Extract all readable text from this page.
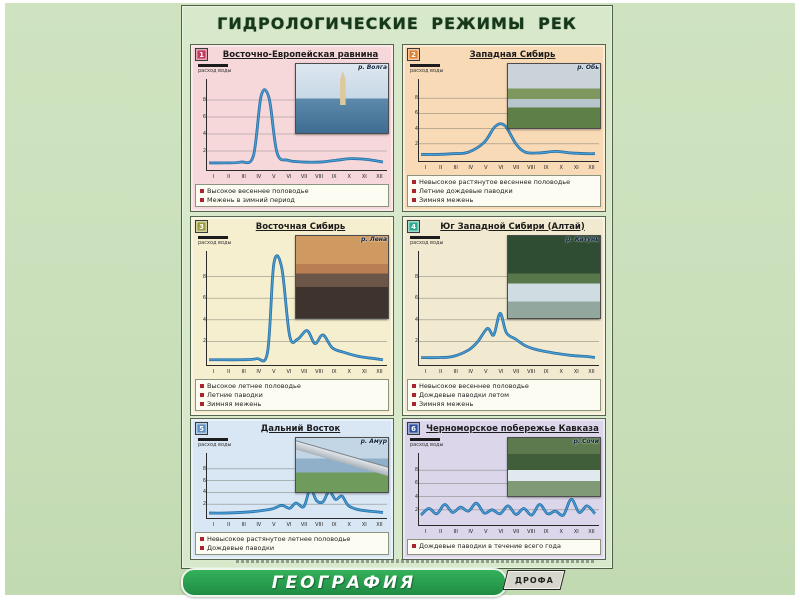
ГИДРОЛОГИЧЕСКИЕ РЕЖИМЫ РЕК
1	Восточно-Европейская равнина
расход воды	р. Волга
8
6
4
2
I	II	III	IV	V	VI	VII	VIII	IX	X	XI	XII
Высокое весеннее половодье
Межень в зимний период
2	Западная Сибирь
расход воды	р. Обь
8
6
4
2
I	II	III	IV	V	VI	VII	VIII	IX	X	XI	XII
Невысокое растянутое весеннее половодье
Летние дождевые паводки
Зимняя межень
3	Восточная Сибирь
расход воды	р. Лена
8
6
4
2
I	II	III	IV	V	VI	VII	VIII	IX	X	XI	XII
Высокое летнее половодье
Летние паводки
Зимняя межень
4	Юг Западной Сибири (Алтай)
расход воды	р. Катунь
8
6
4
2
I	II	III	IV	V	VI	VII	VIII	IX	X	XI	XII
Невысокое весеннее половодье
Дождевые паводки летом
Зимняя межень
5	Дальний Восток
расход воды	р. Амур
8
6
4
2
I	II	III	IV	V	VI	VII	VIII	IX	X	XI	XII
Невысокое растянутое летнее половодье
Дождевые паводки
6	Черноморское побережье Кавказа
расход воды	р. Сочи
8
6
4
2
I	II	III	IV	V	VI	VII	VIII	IX	X	XI	XII
Дождевые паводки в течение всего года
ГЕОГРАФИЯ	ДРОФА
